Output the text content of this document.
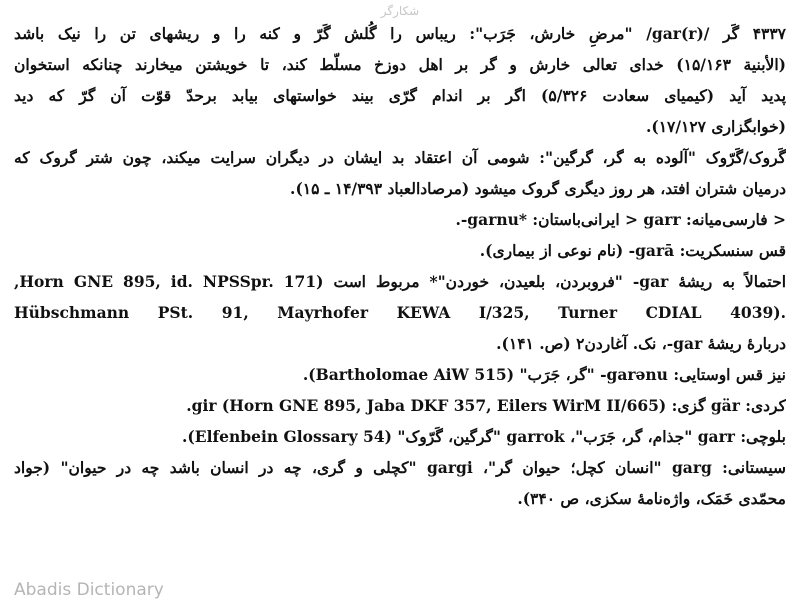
شکارگر
۴۳۳۷ گَر /gar(r)/ "مرضِ خارش، جَرَب": ریباس را گُلش گَرّ و کنه را و ریشهای تن را نیک باشد
(الأبنیة ۱۵/۱۶۳) خدای تعالی خارش و گر بر اهل دوزخ مسلّط کند، تا خویشتن میخارند چنانکه استخوان
پدید آید (کیمیای سعادت ۵/۳۲۶) اگر بر اندام گرّی بیند خواستهای بیابد برحدّ قوّت آن گرّ که دید
(خوابگزاری ۱۷/۱۲۷).
گَروک/گَرّوک "آلوده به گر، گرگین": شومی آن اعتقاد بد ایشان در دیگران سرایت میکند، چون شتر گروک که
درمیان شتران افتد، هر روز دیگری گروک میشود (مرصادالعباد ۱۴/۳۹۳ ـ ۱۵).
< فارسی‌میانه: garr < ایرانی‌باستان: ‎-garnu*‎.
قس سنسکریت: ‎-garā‎ (نام نوعی از بیماری).
احتمالاً به ریشهٔ ‎-gar‎ "فروبردن، بلعیدن، خوردن"* مربوط است (‎Horn GNE 895, id. NPSSpr. 171,
‎Hübschmann PSt. 91, Mayrhofer KEWA I/325, Turner CDIAL 4039‎).
دربارهٔ ریشهٔ ‎-gar‎، نک. آغاردن۲ (ص. ۱۴۱).
نیز قس اوستایی: ‎-garənu‎ "گر، جَرَب" (‎Bartholomae AiW 515‎).
کردی: ‎gär‎ گزی: ‎gir‎ (‎Horn GNE 895, Jaba DKF 357, Eilers WirM II/665‎).
بلوچی: ‎garr‎ "جذام، گر، جَرَب"، ‎garrok‎ "گرگین، گَرّوک" (‎Elfenbein Glossary 54‎).
سیستانی: ‎garg‎ "انسان کچل؛ حیوان گر"، ‎gargi‎ "کچلی و گری، چه در انسان باشد چه در حیوان" (جواد
محمّدی خَمَک، واژه‌نامهٔ سکزی، ص ۳۴۰).
Abadis Dictionary
